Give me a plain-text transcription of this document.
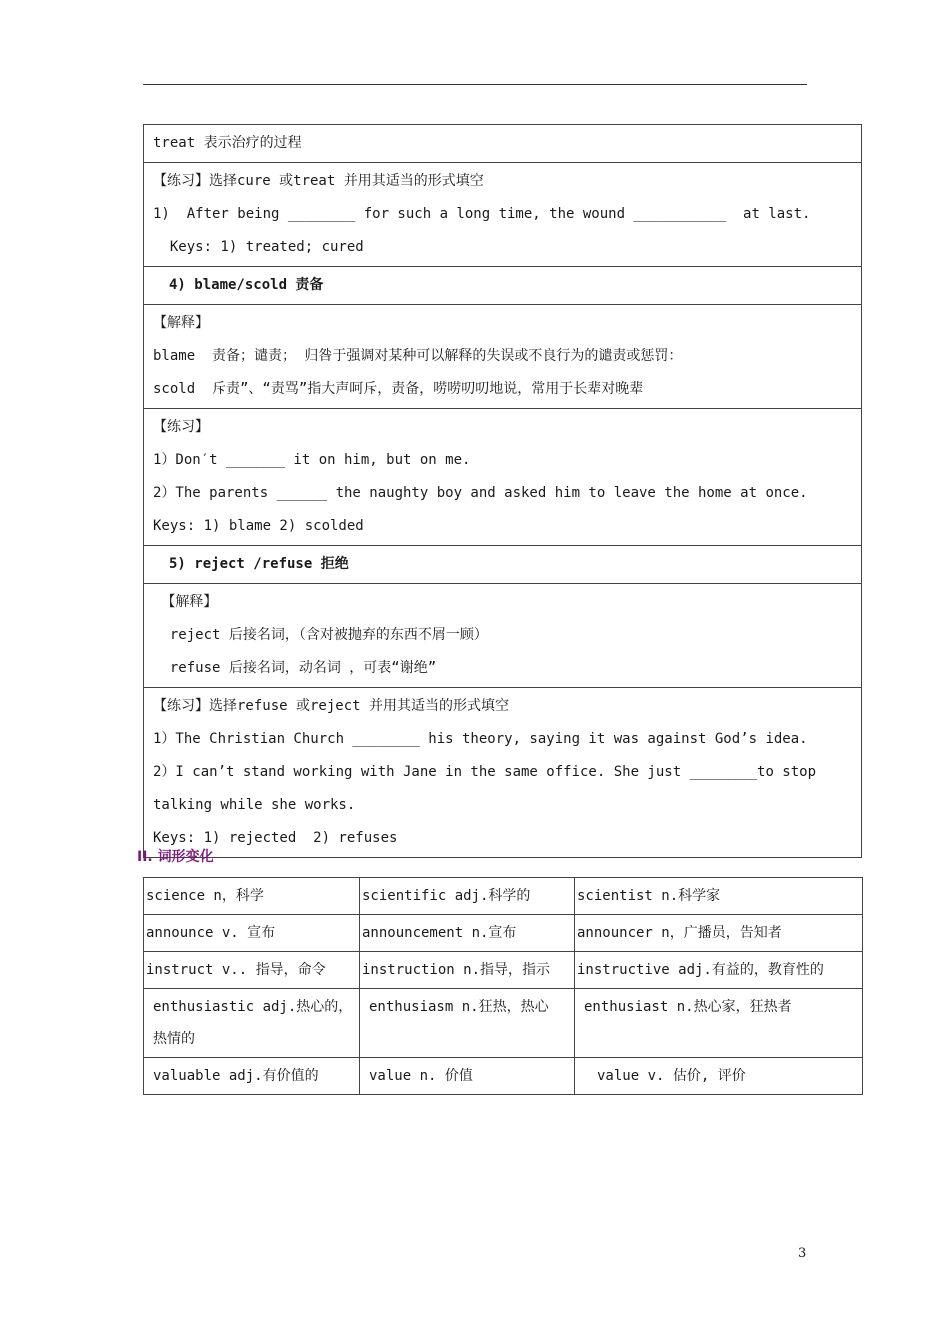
treat 表示治疗的过程

【练习】选择cure 或treat 并用其适当的形式填空
1)  After being ________ for such a long time, the wound ___________  at last.
Keys: 1) treated; cured

4) blame/scold 责备

【解释】
blame  责备；谴责； 归咎于强调对某种可以解释的失误或不良行为的谴责或惩罚：
scold  斥责”、“责骂”指大声呵斥，责备，唠唠叨叨地说，常用于长辈对晚辈

【练习】
1）Don′t _______ it on him, but on me.
2）The parents ______ the naughty boy and asked him to leave the home at once.
Keys: 1) blame 2) scolded

5) reject /refuse 拒绝

【解释】
reject 后接名词，（含对被抛弃的东西不屑一顾）
refuse 后接名词，动名词 ，可表“谢绝”

【练习】选择refuse 或reject 并用其适当的形式填空
1）The Christian Church ________ his theory, saying it was against God’s idea.
2）I can’t stand working with Jane in the same office. She just ________to stop
talking while she works.
Keys: 1) rejected  2) refuses
II. 词形变化
science n，科学	scientific adj.科学的	scientist n.科学家
announce v. 宣布	announcement n.宣布	announcer n，广播员，告知者
instruct v.. 指导，命令	instruction n.指导，指示	instructive adj.有益的，教育性的
enthusiastic adj.热心的，热情的	enthusiasm n.狂热，热心	enthusiast n.热心家，狂热者
valuable adj.有价值的	value n. 价值	value v. 估价, 评价
3
